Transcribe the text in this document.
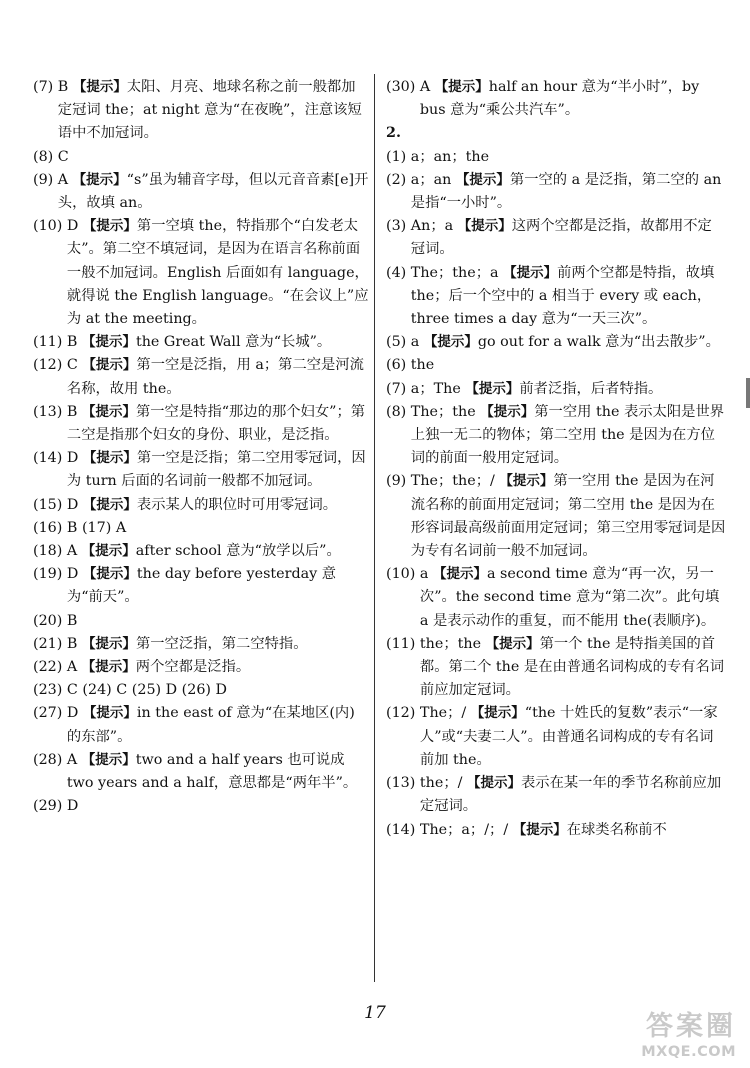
(7) B 【提示】太阳、月亮、地球名称之前一般都加定冠词 the；at night 意为“在夜晚”，注意该短语中不加冠词。
(8) C
(9) A 【提示】“s”虽为辅音字母，但以元音音素[e]开头，故填 an。
(10) D 【提示】第一空填 the，特指那个“白发老太太”。第二空不填冠词，是因为在语言名称前面一般不加冠词。English 后面如有 language，就得说 the English language。“在会议上”应为 at the meeting。
(11) B 【提示】the Great Wall 意为“长城”。
(12) C 【提示】第一空是泛指，用 a；第二空是河流名称，故用 the。
(13) B 【提示】第一空是特指“那边的那个妇女”；第二空是指那个妇女的身份、职业，是泛指。
(14) D 【提示】第一空是泛指；第二空用零冠词，因为 turn 后面的名词前一般都不加冠词。
(15) D 【提示】表示某人的职位时可用零冠词。
(16) B (17) A
(18) A 【提示】after school 意为“放学以后”。
(19) D 【提示】the day before yesterday 意为“前天”。
(20) B
(21) B 【提示】第一空泛指，第二空特指。
(22) A 【提示】两个空都是泛指。
(23) C (24) C (25) D (26) D
(27) D 【提示】in the east of 意为“在某地区(内)的东部”。
(28) A 【提示】two and a half years 也可说成 two years and a half，意思都是“两年半”。
(29) D
(30) A 【提示】half an hour 意为“半小时”，by bus 意为“乘公共汽车”。
2.
(1) a；an；the
(2) a；an 【提示】第一空的 a 是泛指，第二空的 an 是指“一小时”。
(3) An；a 【提示】这两个空都是泛指，故都用不定冠词。
(4) The；the；a 【提示】前两个空都是特指，故填 the；后一个空中的 a 相当于 every 或 each，three times a day 意为“一天三次”。
(5) a 【提示】go out for a walk 意为“出去散步”。
(6) the
(7) a；The 【提示】前者泛指，后者特指。
(8) The；the 【提示】第一空用 the 表示太阳是世界上独一无二的物体；第二空用 the 是因为在方位词的前面一般用定冠词。
(9) The；the；/ 【提示】第一空用 the 是因为在河流名称的前面用定冠词；第二空用 the 是因为在形容词最高级前面用定冠词；第三空用零冠词是因为专有名词前一般不加冠词。
(10) a 【提示】a second time 意为“再一次，另一次”。the second time 意为“第二次”。此句填 a 是表示动作的重复，而不能用 the(表顺序)。
(11) the；the 【提示】第一个 the 是特指美国的首都。第二个 the 是在由普通名词构成的专有名词前应加定冠词。
(12) The；/ 【提示】“the 十姓氏的复数”表示“一家人”或“夫妻二人”。由普通名词构成的专有名词前加 the。
(13) the；/ 【提示】表示在某一年的季节名称前应加定冠词。
(14) The；a；/；/ 【提示】在球类名称前不
17	答案圈
MXQE.COM
